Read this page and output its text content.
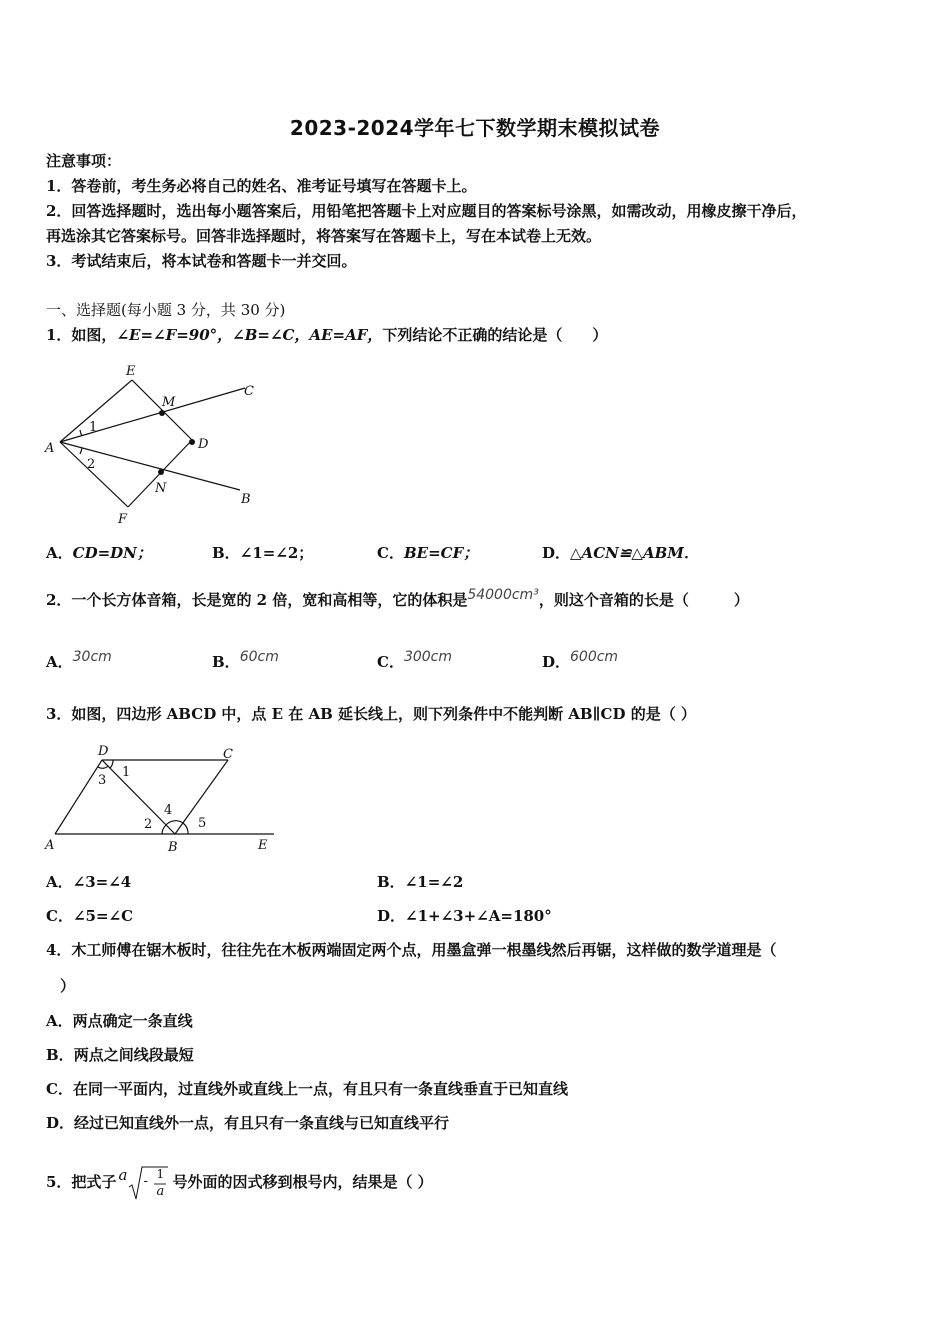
2023-2024学年七下数学期末模拟试卷
注意事项：
1．答卷前，考生务必将自己的姓名、准考证号填写在答题卡上。
2．回答选择题时，选出每小题答案后，用铅笔把答题卡上对应题目的答案标号涂黑，如需改动，用橡皮擦干净后，
再选涂其它答案标号。回答非选择题时，将答案写在答题卡上，写在本试卷上无效。
3．考试结束后，将本试卷和答题卡一并交回。
一、选择题(每小题 3 分，共 30 分)
1．如图，∠E=∠F=90°，∠B=∠C，AE=AF，下列结论不正确的结论是（　　）
E
M
C
A
1
D
2
N
B
F
A．CD=DN；	B．∠1=∠2；	C．BE=CF；	D．△ACN≌△ABM．
2．一个长方体音箱，长是宽的 2 倍，宽和高相等，它的体积是54000cm³，则这个音箱的长是（　　　）
A．30cm	B．60cm	C．300cm	D．600cm
3．如图，四边形 ABCD 中，点 E 在 AB 延长线上，则下列条件中不能判断 AB∥CD 的是（ ）
D	C
1
3
4
2	5
A	B	E
A．∠3=∠4	B．∠1=∠2
C．∠5=∠C	D．∠1+∠3+∠A=180°
4．木工师傅在锯木板时，往往先在木板两端固定两个点，用墨盒弹一根墨线然后再锯，这样做的数学道理是（
）
A．两点确定一条直线
B．两点之间线段最短
C．在同一平面内，过直线外或直线上一点，有且只有一条直线垂直于已知直线
D．经过已知直线外一点，有且只有一条直线与已知直线平行
5．把式子 a - 1
a
号外面的因式移到根号内，结果是（ ）
